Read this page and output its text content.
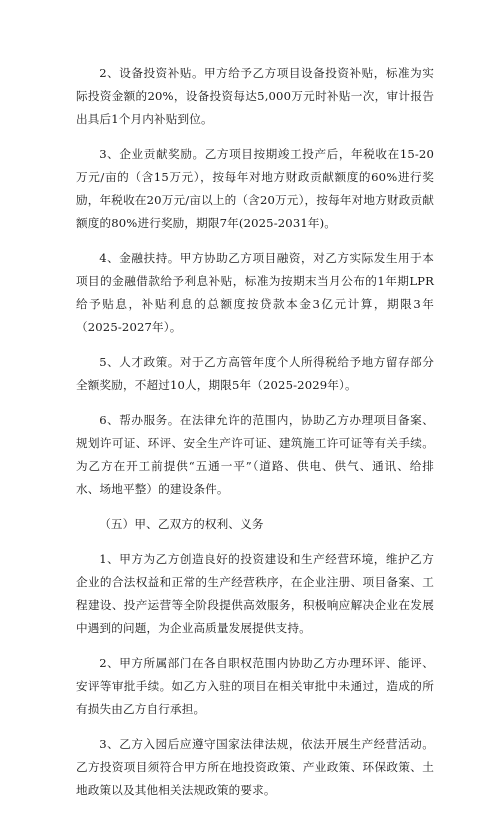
2、设备投资补贴。甲方给予乙方项目设备投资补贴，标准为实际投资金额的20%，设备投资每达5,000万元时补贴一次，审计报告出具后1个月内补贴到位。

3、企业贡献奖励。乙方项目按期竣工投产后，年税收在15-20万元/亩的（含15万元），按每年对地方财政贡献额度的60%进行奖励，年税收在20万元/亩以上的（含20万元），按每年对地方财政贡献额度的80%进行奖励，期限7年(2025-2031年)。

4、金融扶持。甲方协助乙方项目融资，对乙方实际发生用于本项目的金融借款给予利息补贴，标准为按期末当月公布的1年期LPR给予贴息，补贴利息的总额度按贷款本金3亿元计算，期限3年（2025-2027年）。

5、人才政策。对于乙方高管年度个人所得税给予地方留存部分全额奖励，不超过10人，期限5年（2025-2029年）。

6、帮办服务。在法律允许的范围内，协助乙方办理项目备案、规划许可证、环评、安全生产许可证、建筑施工许可证等有关手续。为乙方在开工前提供“五通一平”（道路、供电、供气、通讯、给排水、场地平整）的建设条件。

（五）甲、乙双方的权利、义务

1、甲方为乙方创造良好的投资建设和生产经营环境，维护乙方企业的合法权益和正常的生产经营秩序，在企业注册、项目备案、工程建设、投产运营等全阶段提供高效服务，积极响应解决企业在发展中遇到的问题，为企业高质量发展提供支持。

2、甲方所属部门在各自职权范围内协助乙方办理环评、能评、安评等审批手续。如乙方入驻的项目在相关审批中未通过，造成的所有损失由乙方自行承担。

3、乙方入园后应遵守国家法律法规，依法开展生产经营活动。乙方投资项目须符合甲方所在地投资政策、产业政策、环保政策、土地政策以及其他相关法规政策的要求。
